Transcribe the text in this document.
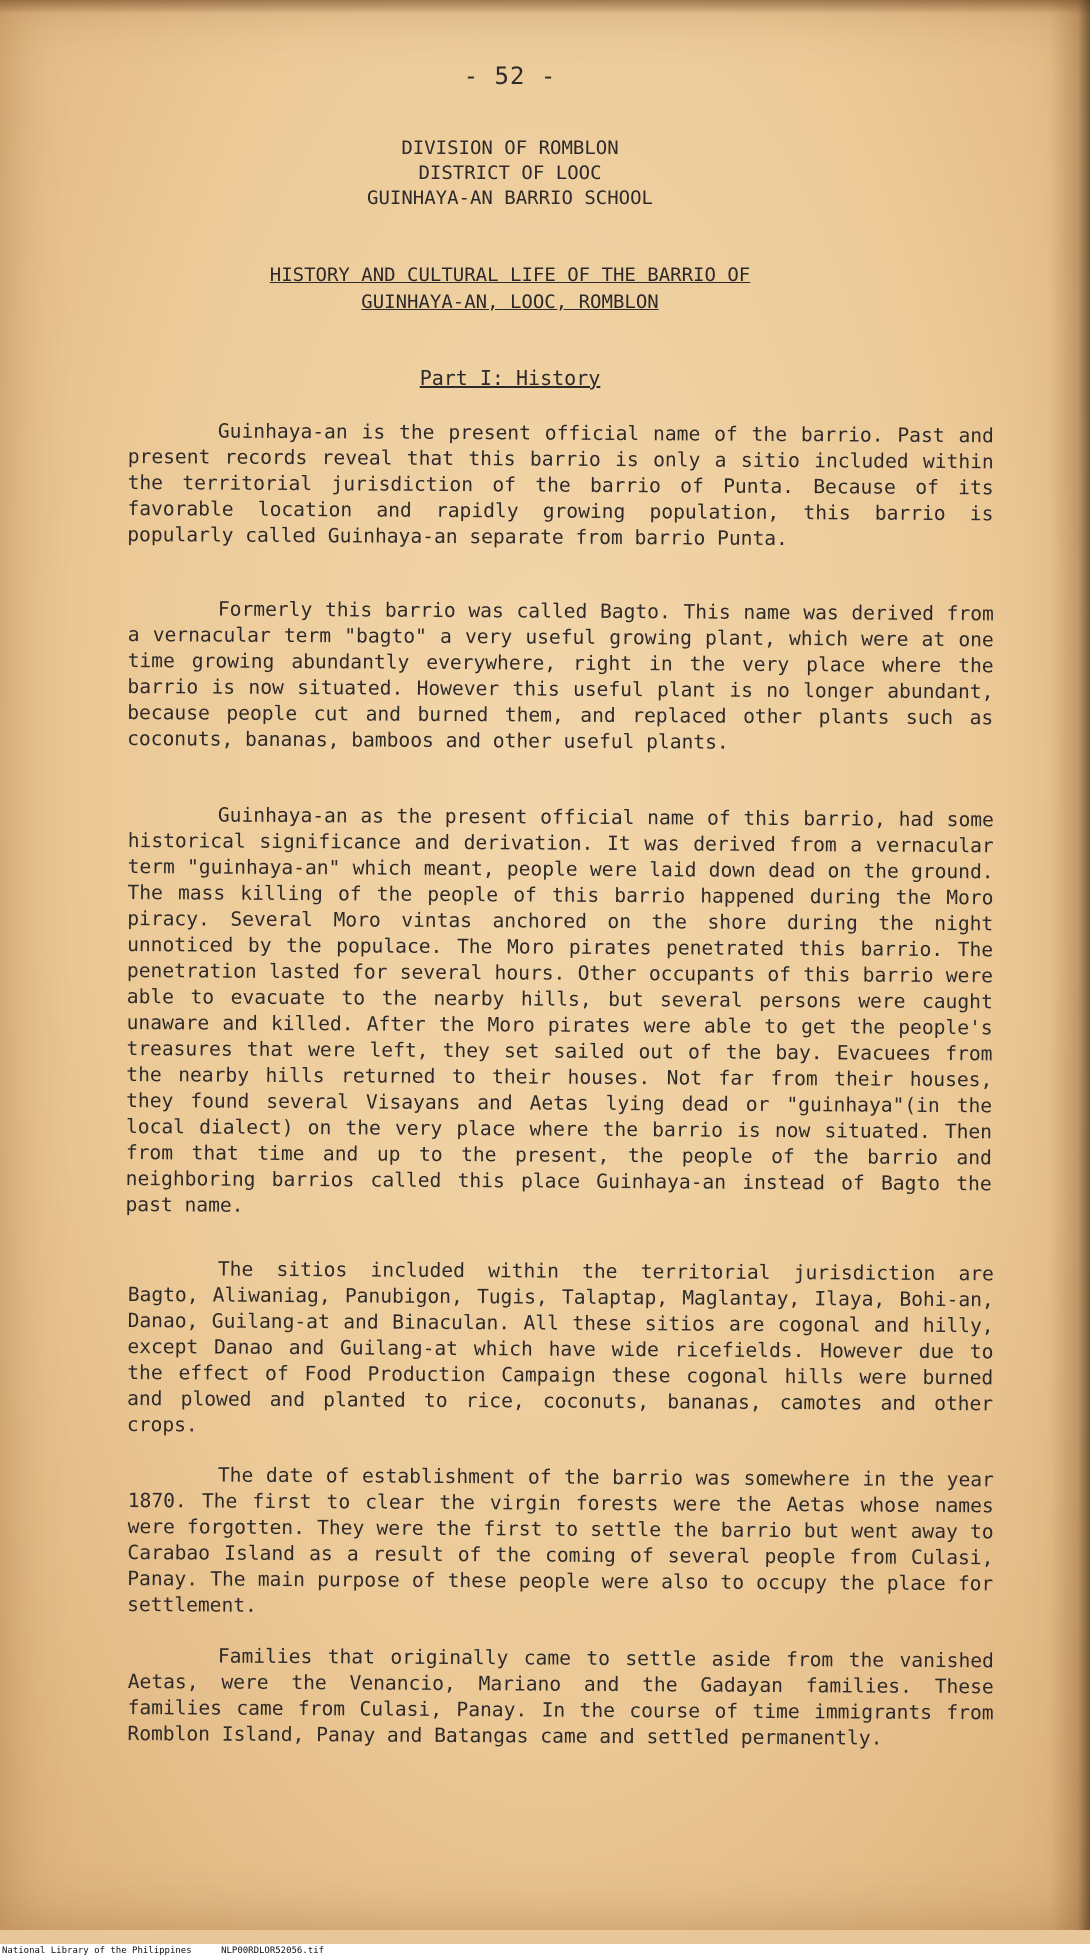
- 52 -
DIVISION OF ROMBLON
DISTRICT OF LOOC
GUINHAYA-AN BARRIO SCHOOL
HISTORY AND CULTURAL LIFE OF THE BARRIO OF
GUINHAYA-AN, LOOC, ROMBLON
Part I: History

Guinhaya-an is the present official name of the barrio. Past and present records reveal that this barrio is only a sitio included within the territorial jurisdiction of the barrio of Punta. Because of its favorable location and rapidly growing population, this barrio is popularly called Guinhaya-an separate from barrio Punta.

Formerly this barrio was called Bagto. This name was derived from a vernacular term "bagto" a very useful growing plant, which were at one time growing abundantly everywhere, right in the very place where the barrio is now situated. However this useful plant is no longer abundant, because people cut and burned them, and replaced other plants such as coconuts, bananas, bamboos and other useful plants.

Guinhaya-an as the present official name of this barrio, had some historical significance and derivation. It was derived from a vernacular term "guinhaya-an" which meant, people were laid down dead on the ground. The mass killing of the people of this barrio happened during the Moro piracy. Several Moro vintas anchored on the shore during the night unnoticed by the populace. The Moro pirates penetrated this barrio. The penetration lasted for several hours. Other occupants of this barrio were able to evacuate to the nearby hills, but several persons were caught unaware and killed. After the Moro pirates were able to get the people's treasures that were left, they set sailed out of the bay. Evacuees from the nearby hills returned to their houses. Not far from their houses, they found several Visayans and Aetas lying dead or "guinhaya"(in the local dialect) on the very place where the barrio is now situated. Then from that time and up to the present, the people of the barrio and neighboring barrios called this place Guinhaya-an instead of Bagto the past name.

The sitios included within the territorial jurisdiction are Bagto, Aliwaniag, Panubigon, Tugis, Talaptap, Maglantay, Ilaya, Bohi-an, Danao, Guilang-at and Binaculan. All these sitios are cogonal and hilly, except Danao and Guilang-at which have wide ricefields. However due to the effect of Food Production Campaign these cogonal hills were burned and plowed and planted to rice, coconuts, bananas, camotes and other crops.

The date of establishment of the barrio was somewhere in the year 1870. The first to clear the virgin forests were the Aetas whose names were forgotten. They were the first to settle the barrio but went away to Carabao Island as a result of the coming of several people from Culasi, Panay. The main purpose of these people were also to occupy the place for settlement.

Families that originally came to settle aside from the vanished Aetas, were the Venancio, Mariano and the Gadayan families. These families came from Culasi, Panay. In the course of time immigrants from Romblon Island, Panay and Batangas came and settled permanently.

National Library of the Philippines	NLP00RDLOR52056.tif
